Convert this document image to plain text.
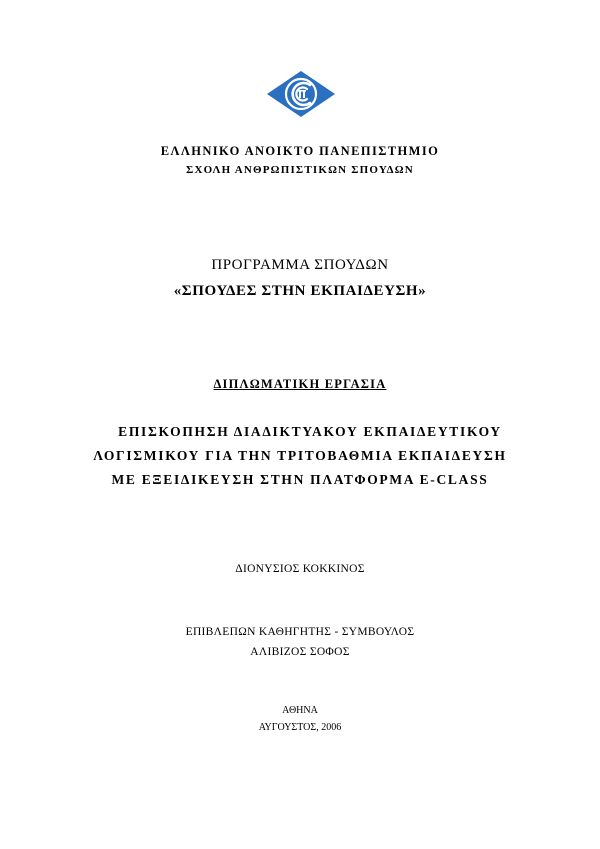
ΕΛΛΗΝΙΚΟ ΑΝΟΙΚΤΟ ΠΑΝΕΠΙΣΤΗΜΙΟ
ΣΧΟΛΗ ΑΝΘΡΩΠΙΣΤΙΚΩΝ ΣΠΟΥΔΩΝ
ΠΡΟΓΡΑΜΜΑ ΣΠΟΥΔΩΝ
«ΣΠΟΥΔΕΣ ΣΤΗΝ ΕΚΠΑΙΔΕΥΣΗ»
ΔΙΠΛΩΜΑΤΙΚΗ ΕΡΓΑΣΙΑ
ΕΠΙΣΚΟΠΗΣΗ ΔΙΑΔΙΚΤΥΑΚΟΥ ΕΚΠΑΙΔΕΥΤΙΚΟΥ
ΛΟΓΙΣΜΙΚΟΥ ΓΙΑ ΤΗΝ ΤΡΙΤΟΒΑΘΜΙΑ ΕΚΠΑΙΔΕΥΣΗ
ΜΕ ΕΞΕΙΔΙΚΕΥΣΗ ΣΤΗΝ ΠΛΑΤΦΟΡΜΑ E-CLASS
ΔΙΟΝΥΣΙΟΣ ΚΟΚΚΙΝΟΣ
ΕΠΙΒΛΕΠΩΝ ΚΑΘΗΓΗΤΗΣ - ΣΥΜΒΟΥΛΟΣ
ΑΛΙΒΙΖΟΣ ΣΟΦΟΣ
ΑΘΗΝΑ
ΑΥΓΟΥΣΤΟΣ, 2006
